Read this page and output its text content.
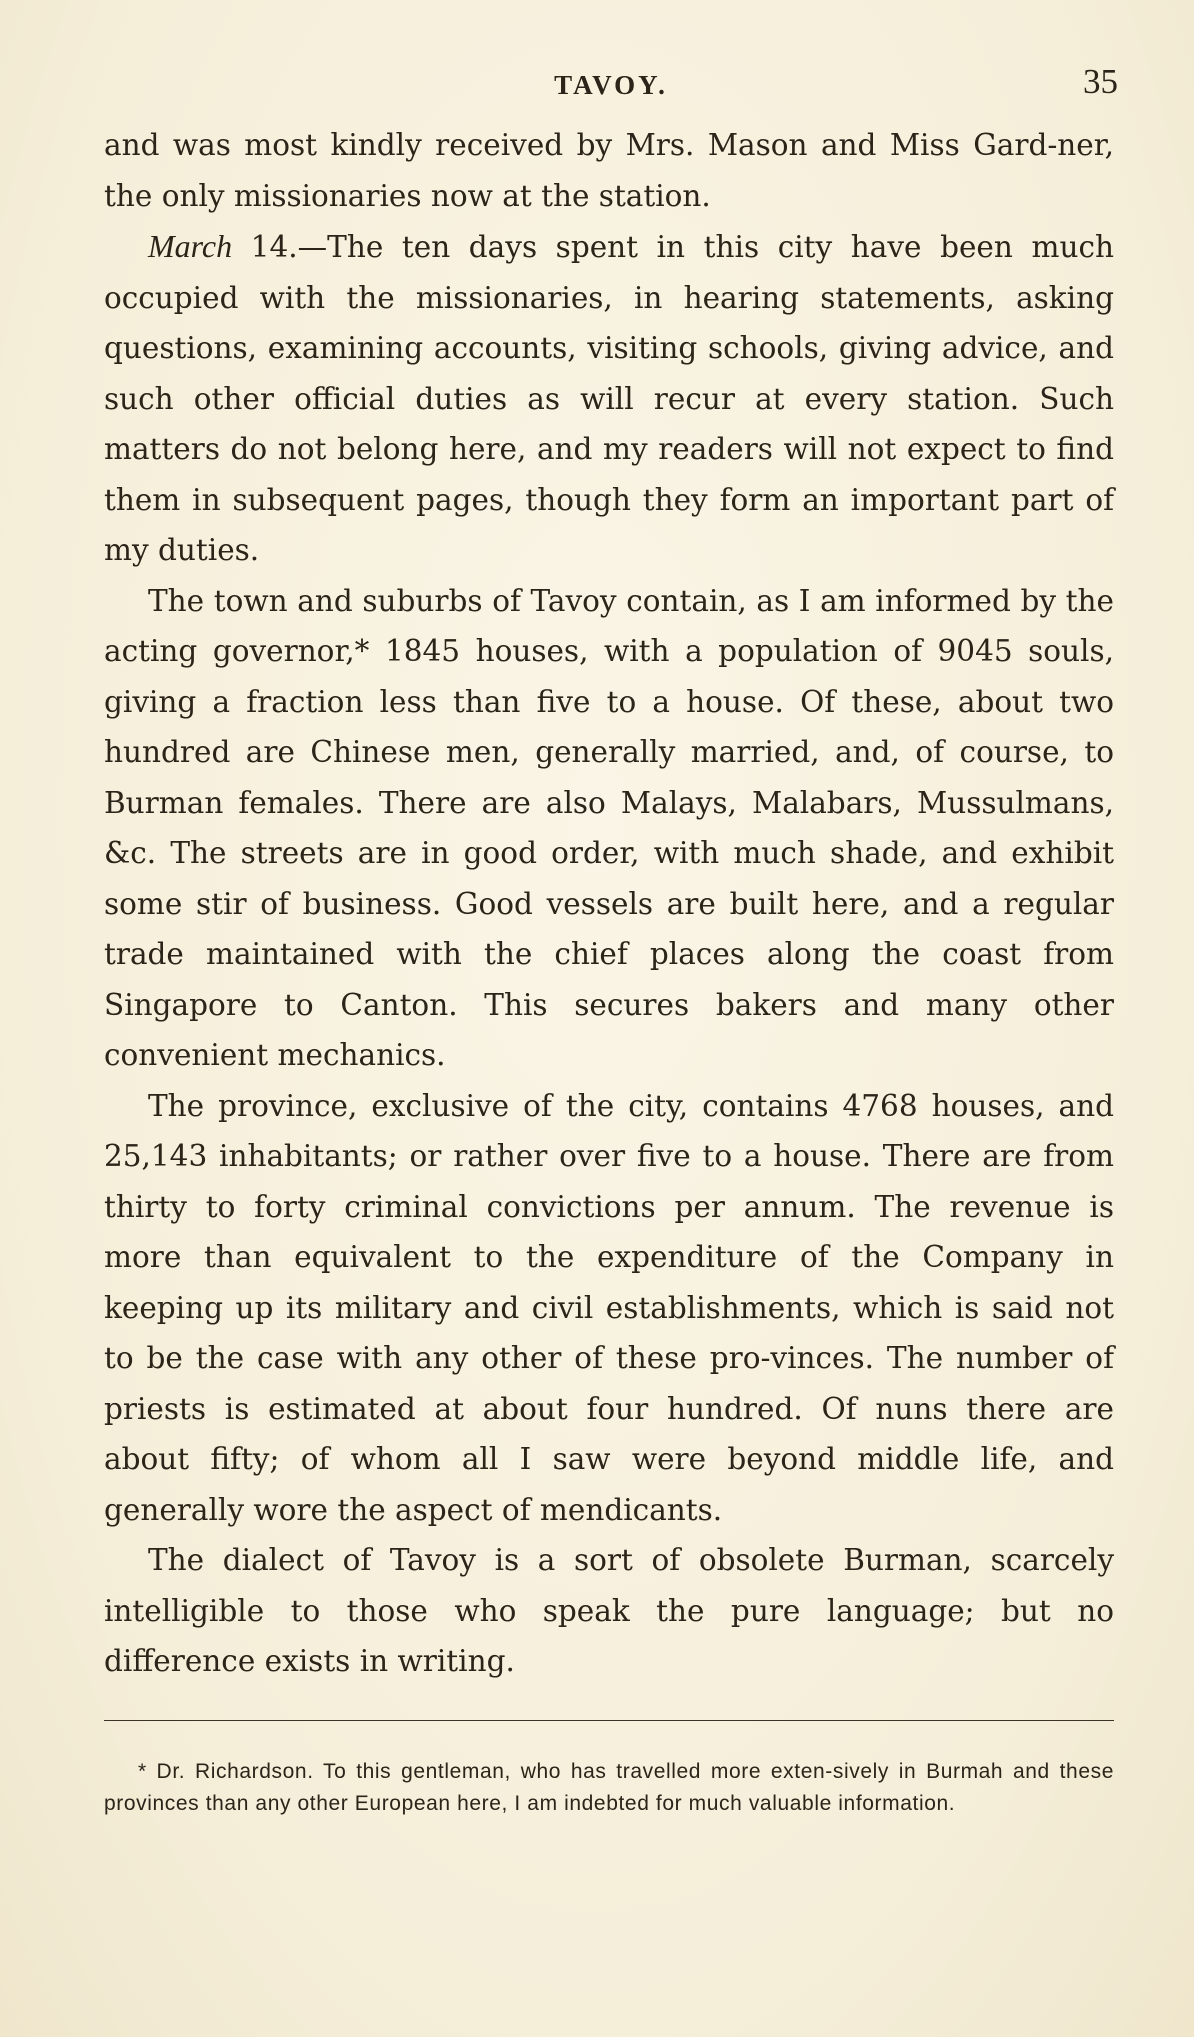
TAVOY.	35

and was most kindly received by Mrs. Mason and Miss Gard-ner, the only missionaries now at the station.

March 14.—The ten days spent in this city have been much occupied with the missionaries, in hearing statements, asking questions, examining accounts, visiting schools, giving advice, and such other official duties as will recur at every station. Such matters do not belong here, and my readers will not expect to find them in subsequent pages, though they form an important part of my duties.

The town and suburbs of Tavoy contain, as I am informed by the acting governor,* 1845 houses, with a population of 9045 souls, giving a fraction less than five to a house. Of these, about two hundred are Chinese men, generally married, and, of course, to Burman females. There are also Malays, Malabars, Mussulmans, &c. The streets are in good order, with much shade, and exhibit some stir of business. Good vessels are built here, and a regular trade maintained with the chief places along the coast from Singapore to Canton. This secures bakers and many other convenient mechanics.

The province, exclusive of the city, contains 4768 houses, and 25,143 inhabitants; or rather over five to a house. There are from thirty to forty criminal convictions per annum. The revenue is more than equivalent to the expenditure of the Company in keeping up its military and civil establishments, which is said not to be the case with any other of these pro-vinces. The number of priests is estimated at about four hundred. Of nuns there are about fifty; of whom all I saw were beyond middle life, and generally wore the aspect of mendicants.

The dialect of Tavoy is a sort of obsolete Burman, scarcely intelligible to those who speak the pure language; but no difference exists in writing.

* Dr. Richardson. To this gentleman, who has travelled more exten-sively in Burmah and these provinces than any other European here, I am indebted for much valuable information.
